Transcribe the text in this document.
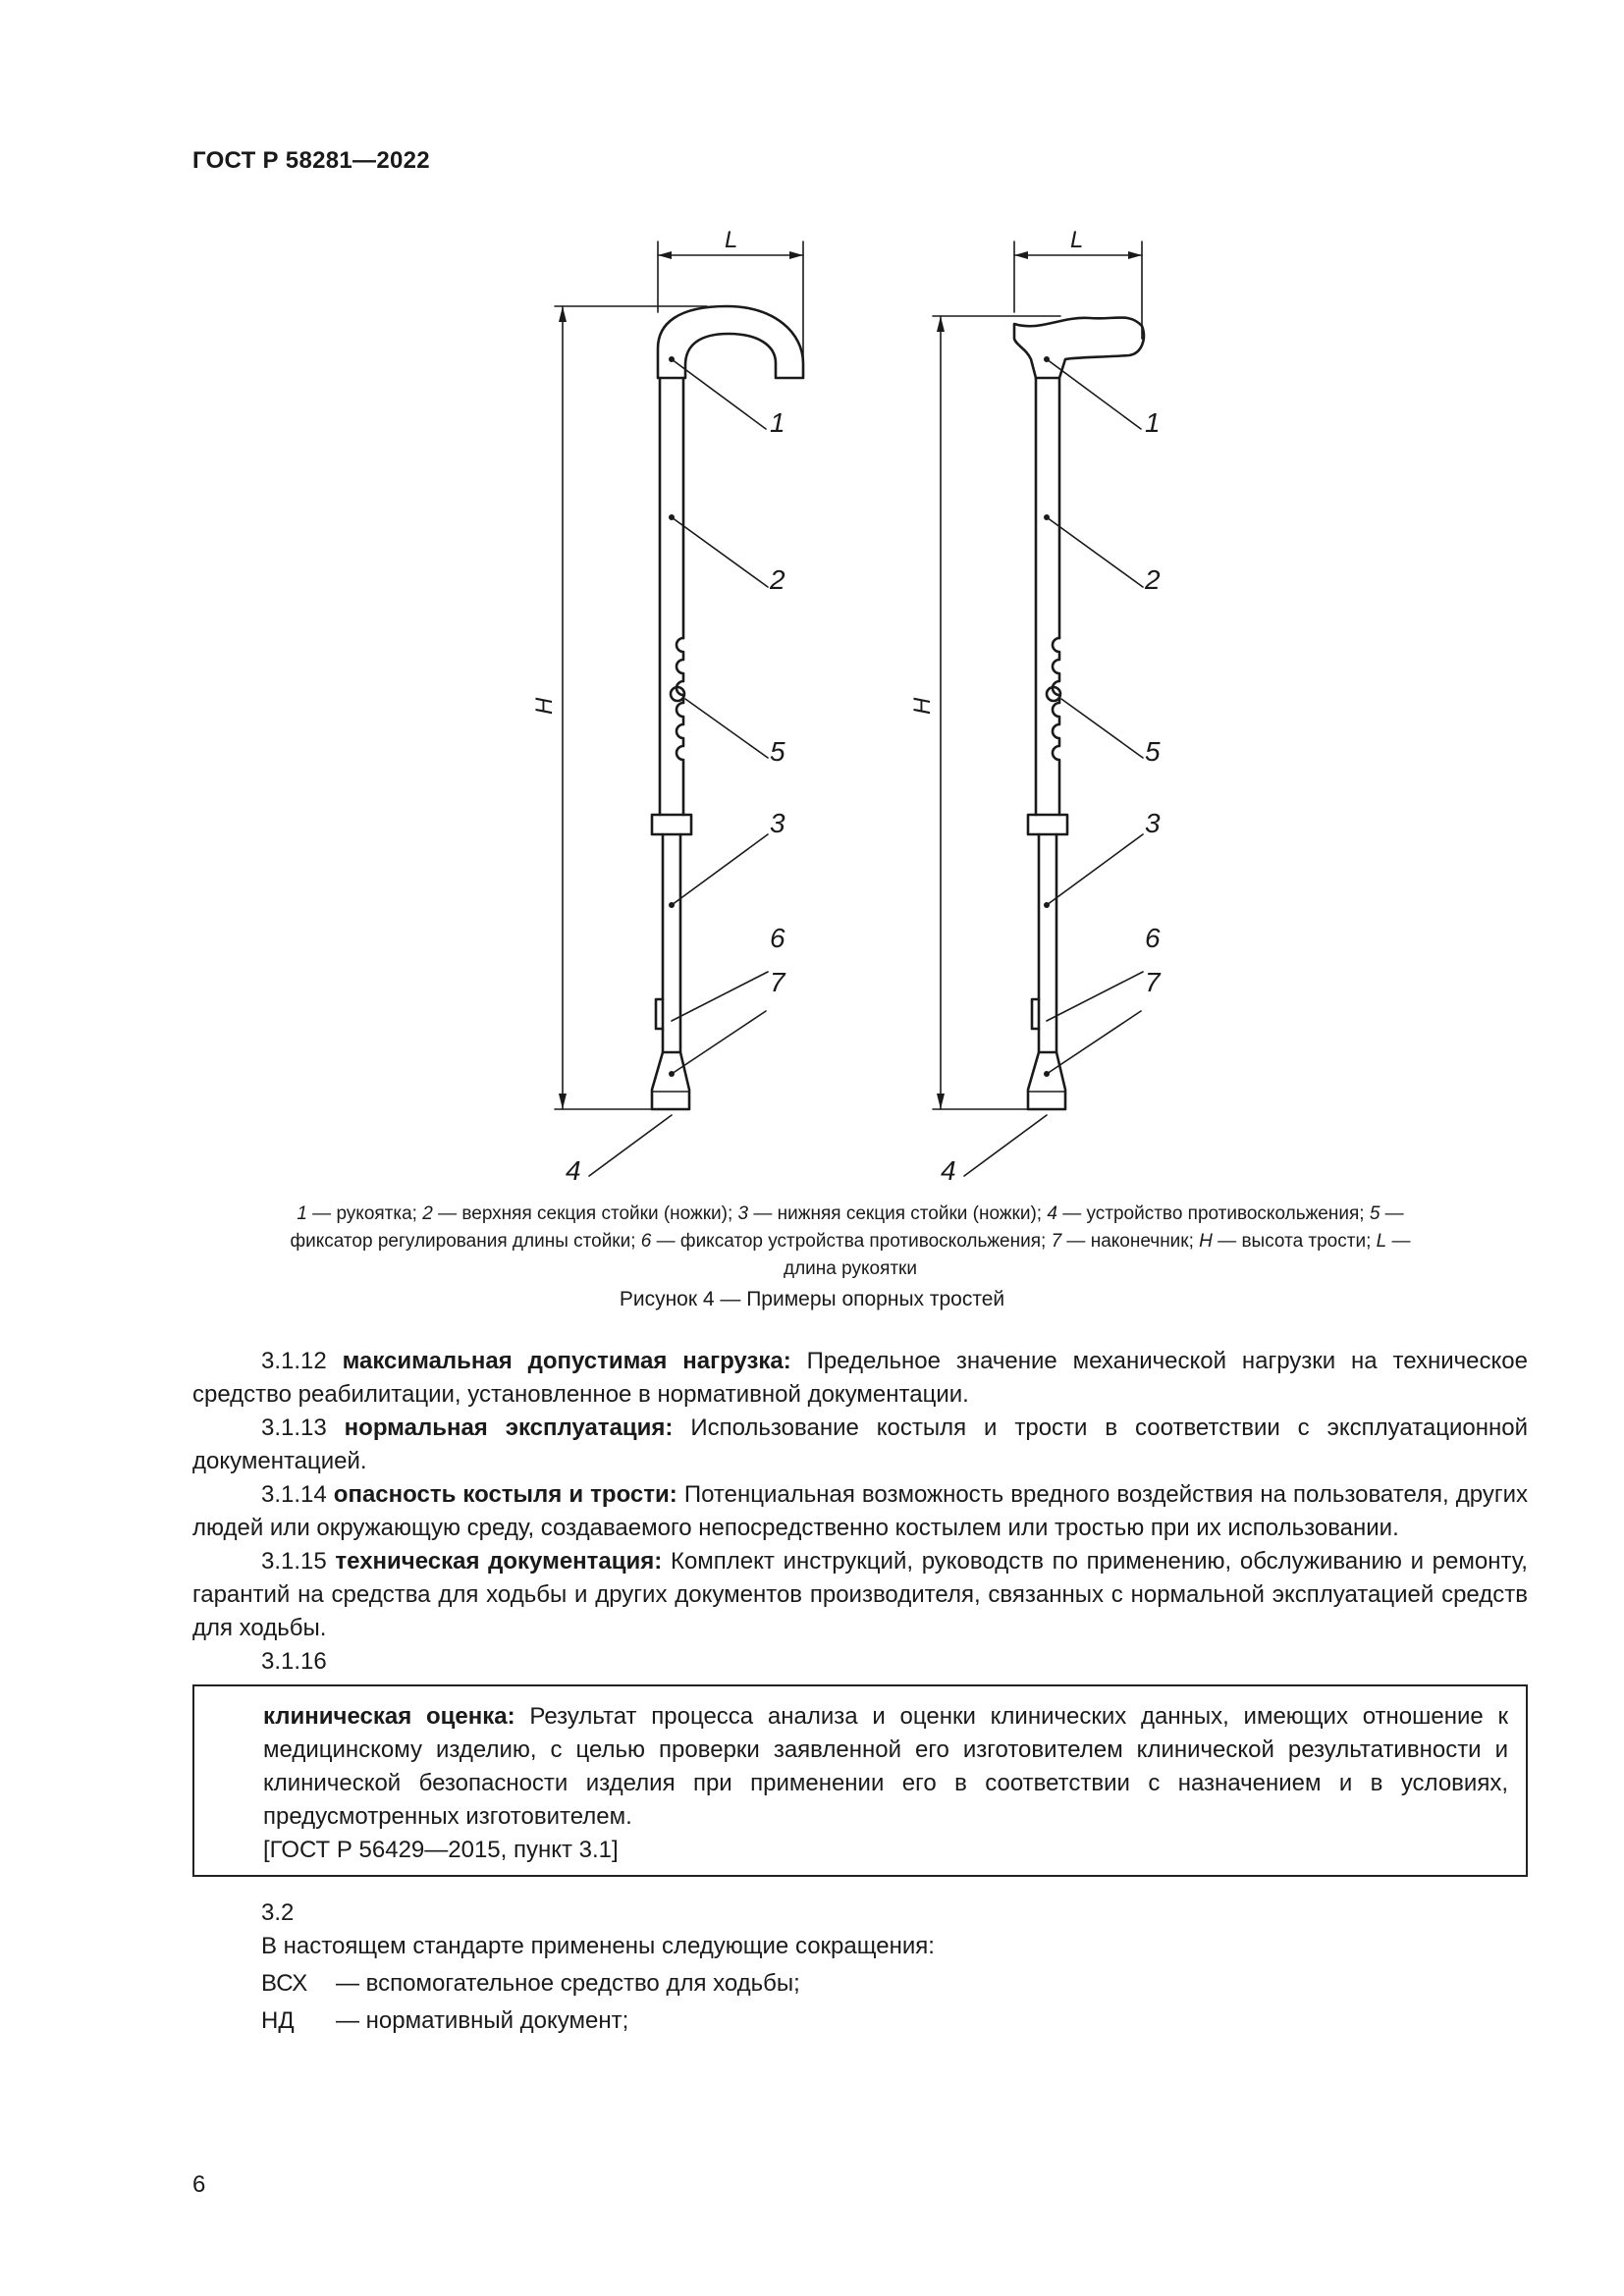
ГОСТ Р 58281—2022
L
H
1
2
5
3
6
7
4
L
H
1
2
5
3
6
7
4
1 — рукоятка; 2 — верхняя секция стойки (ножки); 3 — нижняя секция стойки (ножки); 4 — устройство противоскольжения; 5 — фиксатор регулирования длины стойки; 6 — фиксатор устройства противоскольжения; 7 — наконечник; H — высота трости; L — длина рукоятки
Рисунок 4 — Примеры опорных тростей

3.1.12 максимальная допустимая нагрузка: Предельное значение механической нагрузки на техническое средство реабилитации, установленное в нормативной документации.

3.1.13 нормальная эксплуатация: Использование костыля и трости в соответствии с эксплуатационной документацией.

3.1.14 опасность костыля и трости: Потенциальная возможность вредного воздействия на пользователя, других людей или окружающую среду, создаваемого непосредственно костылем или тростью при их использовании.

3.1.15 техническая документация: Комплект инструкций, руководств по применению, обслуживанию и ремонту, гарантий на средства для ходьбы и других документов производителя, связанных с нормальной эксплуатацией средств для ходьбы.

3.1.16

клиническая оценка: Результат процесса анализа и оценки клинических данных, имеющих отношение к медицинскому изделию, с целью проверки заявленной его изготовителем клинической результативности и клинической безопасности изделия при применении его в соответствии с назначением и в условиях, предусмотренных изготовителем.

[ГОСТ Р 56429—2015, пункт 3.1]

3.2

В настоящем стандарте применены следующие сокращения:

ВСХ	— вспомогательное средство для ходьбы;
НД	— нормативный документ;
6
